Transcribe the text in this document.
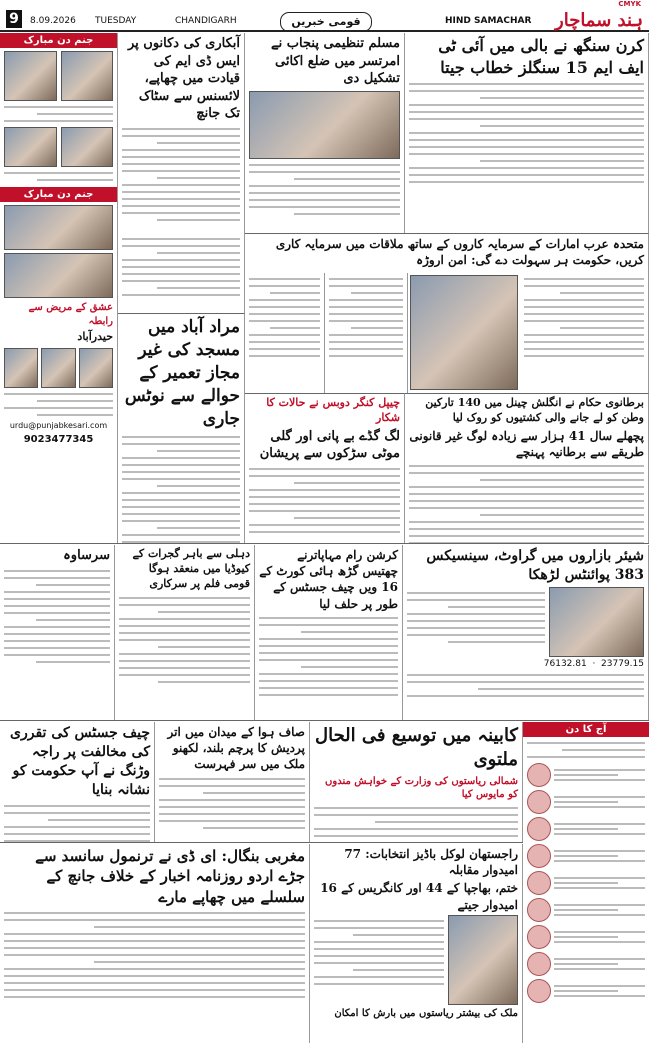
9	8.09.2026 TUESDAY	CHANDIGARH	قومی خبریں	HIND SAMACHAR ہند سماچار
CMYK
کرن سنگھ نے بالی میں آئی ٹی ایف ایم 15 سنگلز خطاب جیتا
مسلم تنظیمی پنجاب نے امرتسر میں ضلع اکائی تشکیل دی
آبکاری کی دکانوں پر ایس ڈی ایم کی قیادت میں چھاپے، لائسنس سے سٹاک تک جانچ
جنم دن مبارک
جنم دن مبارک
عشق کے مریض سے رابطہ
حیدرآباد
urdu@punjabkesari.com
9023477345
متحدہ عرب امارات کے سرمایہ کاروں کے ساتھ ملاقات میں سرمایہ کاری کریں، حکومت ہر سہولت دے گی: امن اروڑہ
مراد آباد میں مسجد کی غیر مجاز تعمیر کے حوالے سے نوٹس جاری
چیپل کنگر دوبس نے حالات کا شکار
لگ گڈے بے پانی اور گلی موٹی سڑکوں سے پریشان
برطانوی حکام نے انگلش چینل میں 140 تارکین وطن کو لے جانے والی کشتیوں کو روک لیا
پچھلے سال 41 ہزار سے زیادہ لوگ غیر قانونی طریقے سے برطانیہ پہنچے
سرساوہ	دہلی سے باہر گجرات کے کیوڈیا میں منعقد ہوگا قومی فلم پر سرکاری
کرشن رام مہاپاترنے چھتیس گڑھ ہائی کورٹ کے 16 ویں چیف جسٹس کے طور پر حلف لیا
شیئر بازاروں میں گراوٹ، سینسیکس 383 پوائنٹس لڑھکا
76132.81  ·  23779.15
چیف جسٹس کی تقرری کی مخالفت پر راجہ وڑنگ نے آپ حکومت کو نشانہ بنایا
صاف ہوا کے میدان میں اتر پردیش کا پرچم بلند، لکھنو ملک میں سر فہرست
کابینہ میں توسیع فی الحال ملتوی
شمالی ریاستوں کی وزارت کے خواہش مندوں کو مایوس کیا
آج کا دن
مغربی بنگال: ای ڈی نے ترنمول سانسد سے جڑے اردو روزنامہ اخبار کے خلاف جانچ کے سلسلے میں چھاپے مارے
راجستھان لوکل باڈیز انتخابات: 77 امیدوار مقابلہ
ختم، بھاجپا کے 44 اور کانگریس کے 16 امیدوار جیتے
ملک کی بیشتر ریاستوں میں بارش کا امکان
